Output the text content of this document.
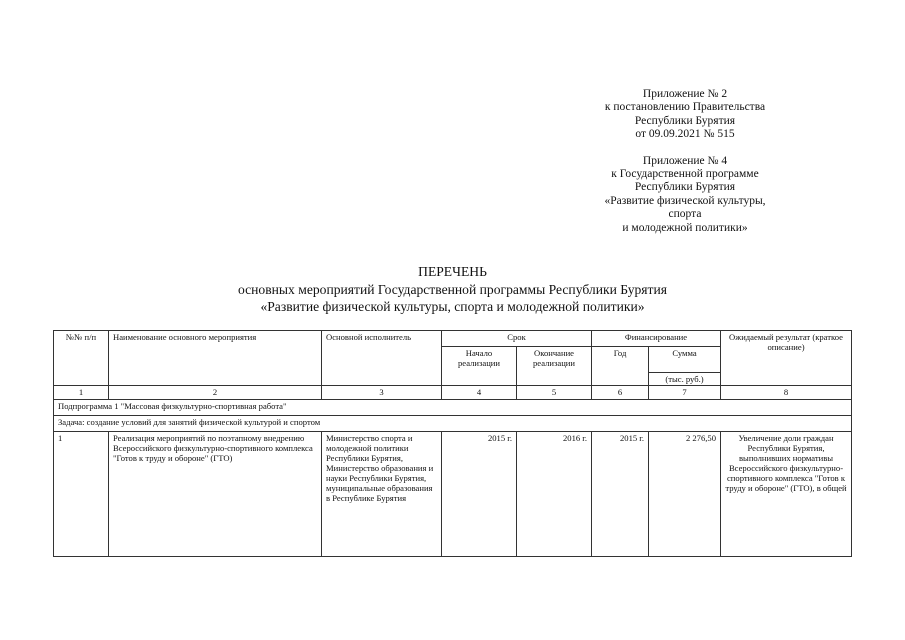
Приложение № 2
к постановлению Правительства
Республики Бурятия
от 09.09.2021 № 515
Приложение № 4
к Государственной программе
Республики Бурятия
«Развитие физической культуры,
спорта
и молодежной политики»
ПЕРЕЧЕНЬ
основных мероприятий Государственной программы Республики Бурятия
«Развитие физической культуры, спорта и молодежной политики»
№№ п/п	Наименование основного мероприятия	Основной исполнитель	Срок		Финансирование		Ожидаемый результат (краткое описание)
			Начало реализации	Окончание реализации	Год	Сумма	
						(тыс. руб.)	
1	2	3	4	5	6	7	8
Подпрограмма 1 "Массовая физкультурно-спортивная работа"							
Задача: создание условий для занятий физической культурой и спортом							
1	Реализация мероприятий по поэтапному внедрению Всероссийского физкультурно-спортивного комплекса "Готов к труду и обороне" (ГТО)	Министерство спорта и молодежной политики Республики Бурятия, Министерство образования и науки Республики Бурятия, муниципальные образования в Республике Бурятия	2015 г.	2016 г.	2015 г.	2 276,50	Увеличение доли граждан Республики Бурятия, выполнивших нормативы Всероссийского физкультурно-спортивного комплекса "Готов к труду и обороне" (ГТО), в общей
